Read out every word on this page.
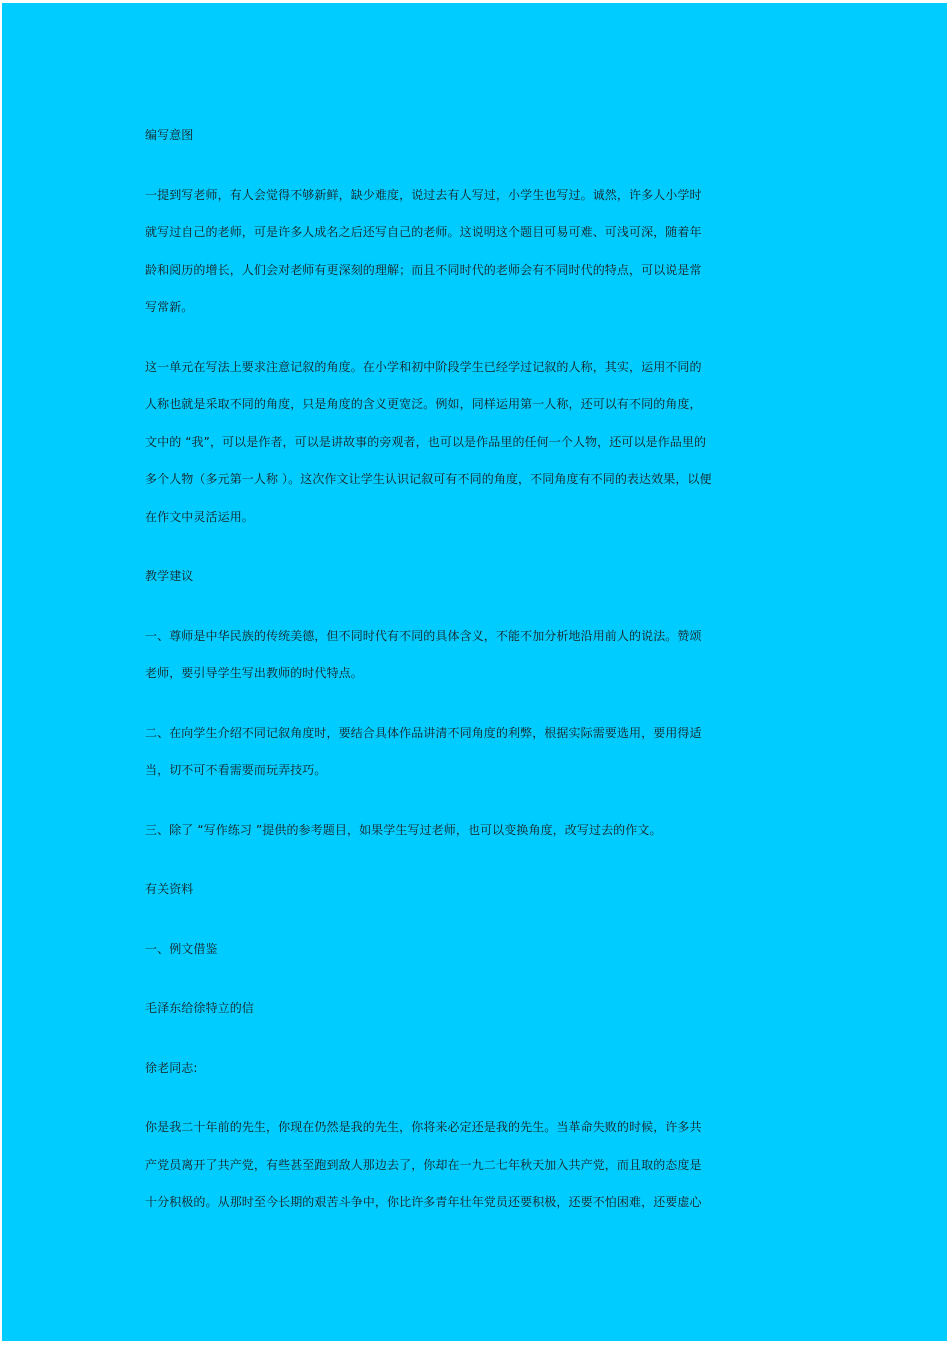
编写意图
一提到写老师，有人会觉得不够新鲜，缺少难度，说过去有人写过，小学生也写过。诚然，许多人小学时
就写过自己的老师，可是许多人成名之后还写自己的老师。这说明这个题目可易可难、可浅可深，随着年
龄和阅历的增长，人们会对老师有更深刻的理解；而且不同时代的老师会有不同时代的特点，可以说是常
写常新。
这一单元在写法上要求注意记叙的角度。在小学和初中阶段学生已经学过记叙的人称，其实，运用不同的
人称也就是采取不同的角度，只是角度的含义更宽泛。例如，同样运用第一人称，还可以有不同的角度，
文中的 “我”，可以是作者，可以是讲故事的旁观者，也可以是作品里的任何一个人物，还可以是作品里的
多个人物（多元第一人称 ）。这次作文让学生认识记叙可有不同的角度，不同角度有不同的表达效果，以便
在作文中灵活运用。
教学建议
一、尊师是中华民族的传统美德，但不同时代有不同的具体含义，不能不加分析地沿用前人的说法。赞颂
老师，要引导学生写出教师的时代特点。
二、在向学生介绍不同记叙角度时，要结合具体作品讲清不同角度的利弊，根据实际需要选用，要用得适
当，切不可不看需要而玩弄技巧。
三、除了 “写作练习 ”提供的参考题目，如果学生写过老师，也可以变换角度，改写过去的作文。
有关资料
一、例文借鉴
毛泽东给徐特立的信
徐老同志:
你是我二十年前的先生，你现在仍然是我的先生，你将来必定还是我的先生。当革命失败的时候，许多共
产党员离开了共产党，有些甚至跑到敌人那边去了，你却在一九二七年秋天加入共产党，而且取的态度是
十分积极的。从那时至今长期的艰苦斗争中，你比许多青年壮年党员还要积极，还要不怕困难，还要虚心
